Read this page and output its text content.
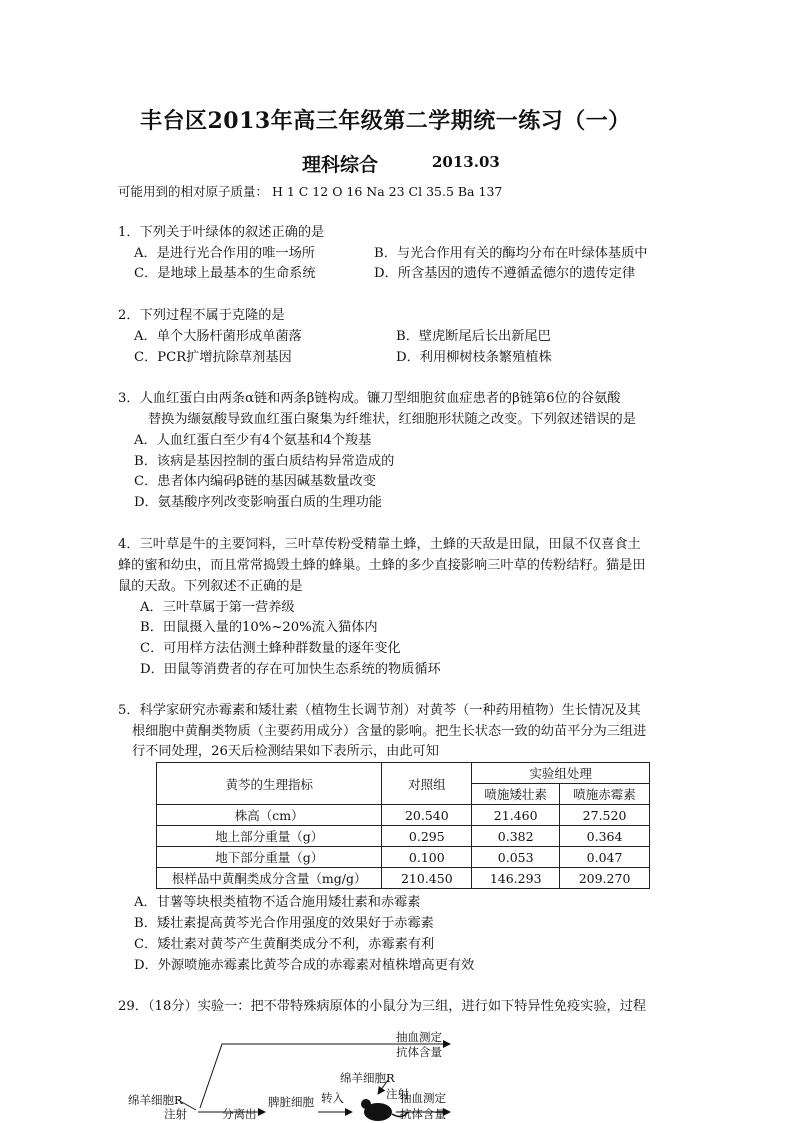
丰台区2013年高三年级第二学期统一练习（一）
理科综合	2013.03
可能用到的相对原子质量： H 1 C 12 O 16 Na 23 Cl 35.5 Ba 137
1．下列关于叶绿体的叙述正确的是
A．是进行光合作用的唯一场所	B．与光合作用有关的酶均分布在叶绿体基质中
C．是地球上最基本的生命系统	D．所含基因的遗传不遵循孟德尔的遗传定律
2．下列过程不属于克隆的是
A．单个大肠杆菌形成单菌落	B．壁虎断尾后长出新尾巴
C．PCR扩增抗除草剂基因	D．利用柳树枝条繁殖植株
3．人血红蛋白由两条α链和两条β链构成。镰刀型细胞贫血症患者的β链第6位的谷氨酸
替换为缬氨酸导致血红蛋白聚集为纤维状，红细胞形状随之改变。下列叙述错误的是
A．人血红蛋白至少有4个氨基和4个羧基
B．该病是基因控制的蛋白质结构异常造成的
C．患者体内编码β链的基因碱基数量改变
D．氨基酸序列改变影响蛋白质的生理功能
4．三叶草是牛的主要饲料，三叶草传粉受精靠土蜂，土蜂的天敌是田鼠，田鼠不仅喜食土
蜂的蜜和幼虫，而且常常捣毁土蜂的蜂巢。土蜂的多少直接影响三叶草的传粉结籽。猫是田
鼠的天敌。下列叙述不正确的是
A．三叶草属于第一营养级
B．田鼠摄入量的10%~20%流入猫体内
C．可用样方法估测土蜂种群数量的逐年变化
D．田鼠等消费者的存在可加快生态系统的物质循环
5．科学家研究赤霉素和矮壮素（植物生长调节剂）对黄芩（一种药用植物）生长情况及其
根细胞中黄酮类物质（主要药用成分）含量的影响。把生长状态一致的幼苗平分为三组进
行不同处理，26天后检测结果如下表所示，由此可知
黄芩的生理指标	对照组	实验组处理	
		喷施矮壮素	喷施赤霉素
株高（cm）	20.540	21.460	27.520
地上部分重量（g）	0.295	0.382	0.364
地下部分重量（g）	0.100	0.053	0.047
根样品中黄酮类成分含量（mg/g）	210.450	146.293	209.270
A．甘薯等块根类植物不适合施用矮壮素和赤霉素
B．矮壮素提高黄芩光合作用强度的效果好于赤霉素
C．矮壮素对黄芩产生黄酮类成分不利，赤霉素有利
D．外源喷施赤霉素比黄芩合成的赤霉素对植株增高更有效
29．（18分）实验一：把不带特殊病原体的小鼠分为三组，进行如下特异性免疫实验，过程
抽血测定
抗体含量
绵羊细胞R
注射	分离出
脾脏细胞 转入
绵羊细胞R
注射
抽血测定
抗体含量
